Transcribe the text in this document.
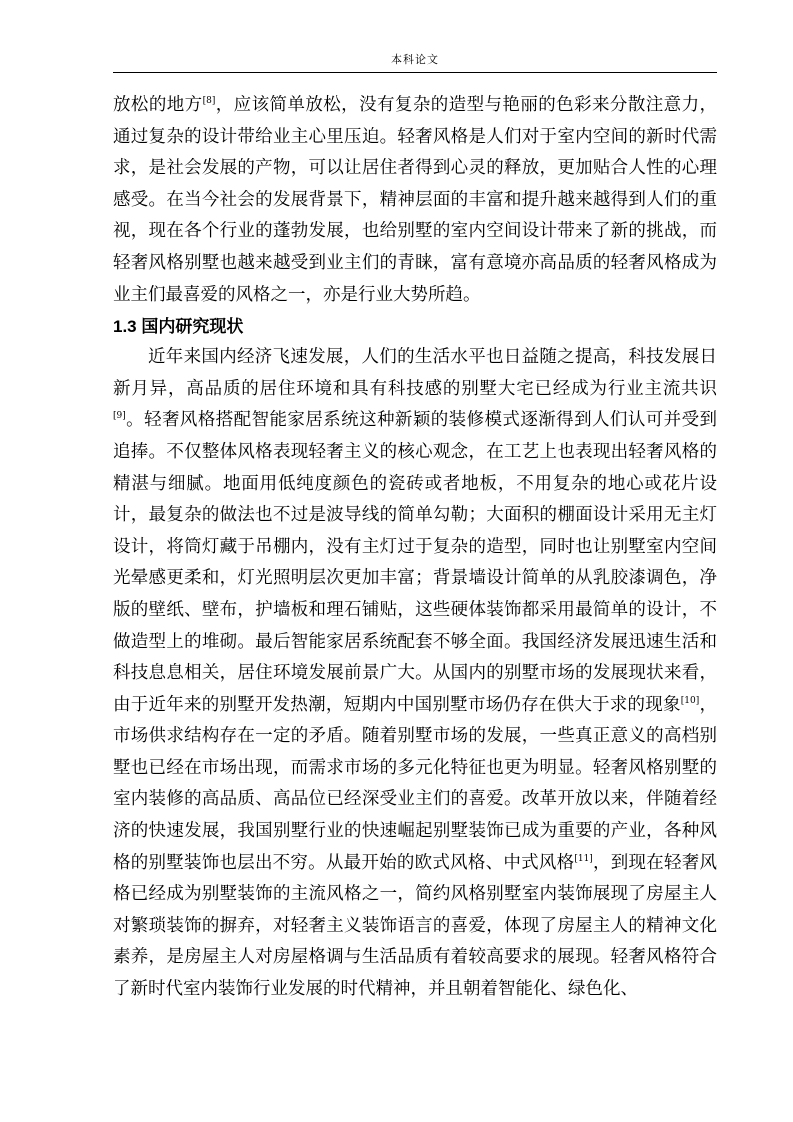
本科论文

放松的地方[8]，应该简单放松，没有复杂的造型与艳丽的色彩来分散注意力，通过复杂的设计带给业主心里压迫。轻奢风格是人们对于室内空间的新时代需求，是社会发展的产物，可以让居住者得到心灵的释放，更加贴合人性的心理感受。在当今社会的发展背景下，精神层面的丰富和提升越来越得到人们的重视，现在各个行业的蓬勃发展，也给别墅的室内空间设计带来了新的挑战，而轻奢风格别墅也越来越受到业主们的青睐，富有意境亦高品质的轻奢风格成为业主们最喜爱的风格之一，亦是行业大势所趋。

1.3 国内研究现状

近年来国内经济飞速发展，人们的生活水平也日益随之提高，科技发展日新月异，高品质的居住环境和具有科技感的别墅大宅已经成为行业主流共识[9]。轻奢风格搭配智能家居系统这种新颖的装修模式逐渐得到人们认可并受到追捧。不仅整体风格表现轻奢主义的核心观念，在工艺上也表现出轻奢风格的精湛与细腻。地面用低纯度颜色的瓷砖或者地板，不用复杂的地心或花片设计，最复杂的做法也不过是波导线的简单勾勒；大面积的棚面设计采用无主灯设计，将筒灯藏于吊棚内，没有主灯过于复杂的造型，同时也让别墅室内空间光晕感更柔和，灯光照明层次更加丰富；背景墙设计简单的从乳胶漆调色，净版的壁纸、壁布，护墙板和理石铺贴，这些硬体装饰都采用最简单的设计，不做造型上的堆砌。最后智能家居系统配套不够全面。我国经济发展迅速生活和科技息息相关，居住环境发展前景广大。从国内的别墅市场的发展现状来看，由于近年来的别墅开发热潮，短期内中国别墅市场仍存在供大于求的现象[10]，市场供求结构存在一定的矛盾。随着别墅市场的发展，一些真正意义的高档别墅也已经在市场出现，而需求市场的多元化特征也更为明显。轻奢风格别墅的室内装修的高品质、高品位已经深受业主们的喜爱。改革开放以来，伴随着经济的快速发展，我国别墅行业的快速崛起别墅装饰已成为重要的产业，各种风格的别墅装饰也层出不穷。从最开始的欧式风格、中式风格[11]，到现在轻奢风格已经成为别墅装饰的主流风格之一，简约风格别墅室内装饰展现了房屋主人对繁琐装饰的摒弃，对轻奢主义装饰语言的喜爱，体现了房屋主人的精神文化素养，是房屋主人对房屋格调与生活品质有着较高要求的展现。轻奢风格符合了新时代室内装饰行业发展的时代精神，并且朝着智能化、绿色化、
